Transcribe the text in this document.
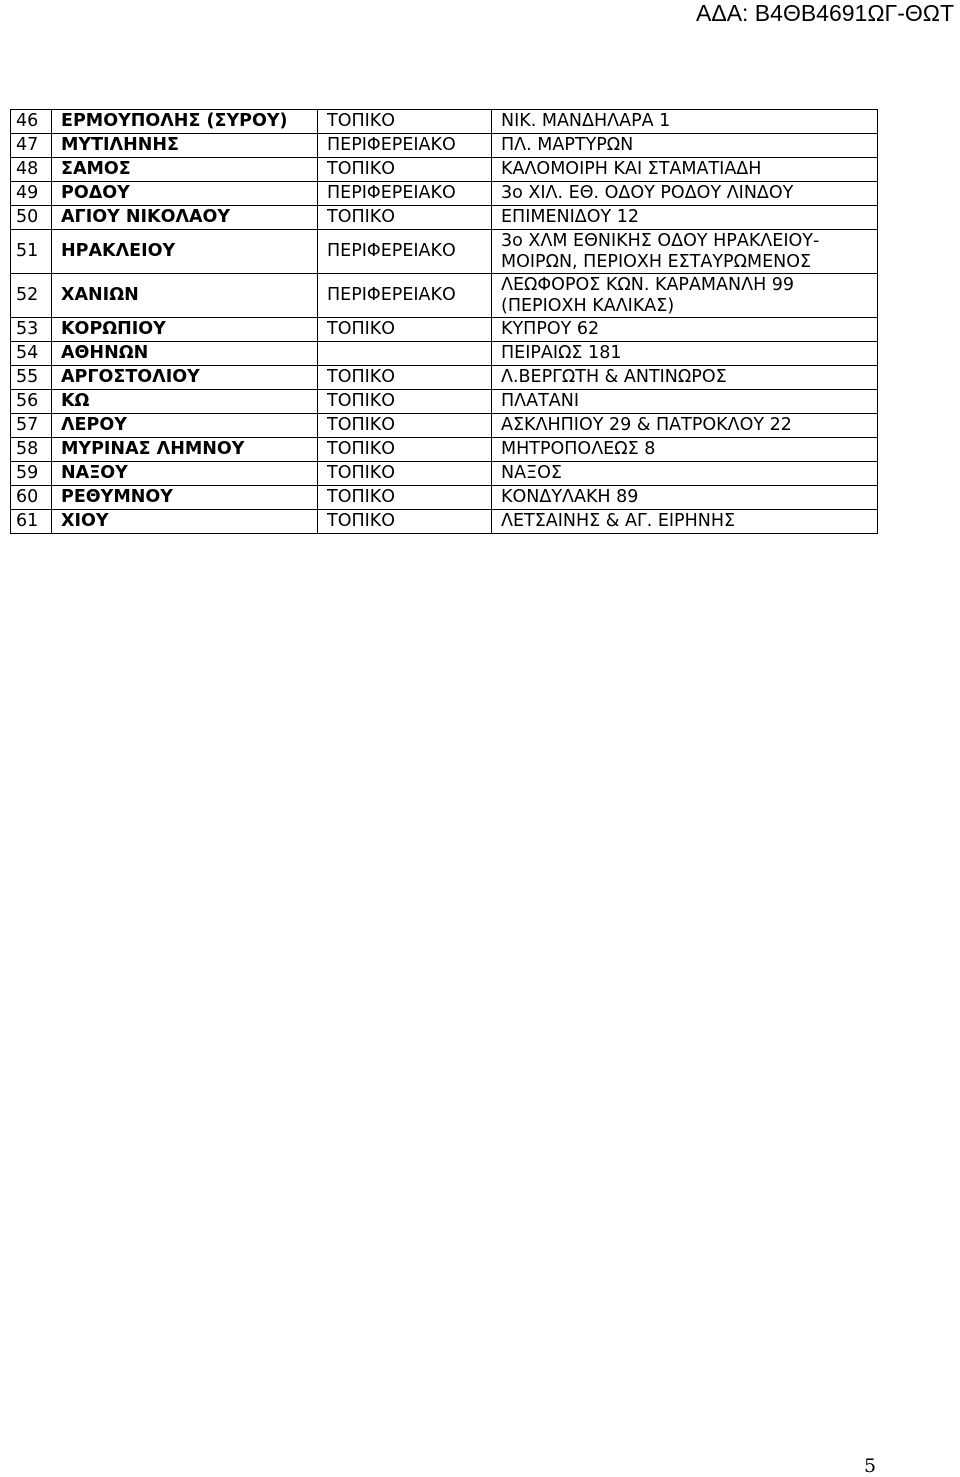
ΑΔΑ: Β4ΘΒ4691ΩΓ-ΘΩΤ
46	ΕΡΜΟΥΠΟΛΗΣ (ΣΥΡΟΥ)	ΤΟΠΙΚΟ	ΝΙΚ. ΜΑΝΔΗΛΑΡΑ 1

47	ΜΥΤΙΛΗΝΗΣ	ΠΕΡΙΦΕΡΕΙΑΚΟ	ΠΛ. ΜΑΡΤΥΡΩΝ

48	ΣΑΜΟΣ	ΤΟΠΙΚΟ	ΚΑΛΟΜΟΙΡΗ ΚΑΙ ΣΤΑΜΑΤΙΑΔΗ

49	ΡΟΔΟΥ	ΠΕΡΙΦΕΡΕΙΑΚΟ	3ο ΧΙΛ. ΕΘ. ΟΔΟΥ ΡΟΔΟΥ ΛΙΝΔΟΥ

50	ΑΓΙΟΥ ΝΙΚΟΛΑΟΥ	ΤΟΠΙΚΟ	ΕΠΙΜΕΝΙΔΟΥ 12

51	ΗΡΑΚΛΕΙΟΥ	ΠΕΡΙΦΕΡΕΙΑΚΟ	3ο ΧΛΜ ΕΘΝΙΚΗΣ ΟΔΟΥ ΗΡΑΚΛΕΙΟΥ-
ΜΟΙΡΩΝ, ΠΕΡΙΟΧΗ ΕΣΤΑΥΡΩΜΕΝΟΣ

52	ΧΑΝΙΩΝ	ΠΕΡΙΦΕΡΕΙΑΚΟ	ΛΕΩΦΟΡΟΣ ΚΩΝ. ΚΑΡΑΜΑΝΛΗ 99
(ΠΕΡΙΟΧΗ ΚΑΛΙΚΑΣ)

53	ΚΟΡΩΠΙΟΥ	ΤΟΠΙΚΟ	ΚΥΠΡΟΥ 62

54	ΑΘΗΝΩΝ		ΠΕΙΡΑΙΩΣ 181

55	ΑΡΓΟΣΤΟΛΙΟΥ	ΤΟΠΙΚΟ	Λ.ΒΕΡΓΩΤΗ & ΑΝΤΙΝΩΡΟΣ

56	ΚΩ	ΤΟΠΙΚΟ	ΠΛΑΤΑΝΙ

57	ΛΕΡΟΥ	ΤΟΠΙΚΟ	ΑΣΚΛΗΠΙΟΥ 29 & ΠΑΤΡΟΚΛΟΥ 22

58	ΜΥΡΙΝΑΣ ΛΗΜΝΟΥ	ΤΟΠΙΚΟ	ΜΗΤΡΟΠΟΛΕΩΣ 8

59	ΝΑΞΟΥ	ΤΟΠΙΚΟ	ΝΑΞΟΣ

60	ΡΕΘΥΜΝΟΥ	ΤΟΠΙΚΟ	ΚΟΝΔΥΛΑΚΗ 89

61	ΧΙΟΥ	ΤΟΠΙΚΟ	ΛΕΤΣΑΙΝΗΣ & ΑΓ. ΕΙΡΗΝΗΣ
5
